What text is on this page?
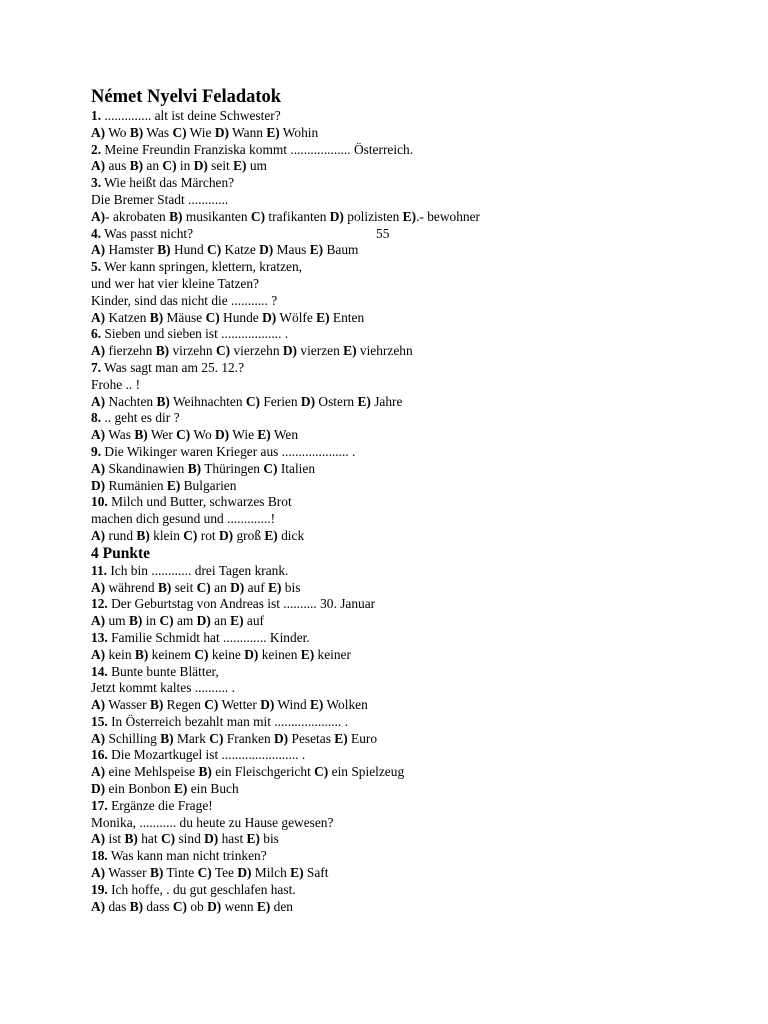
Német Nyelvi Feladatok
1. .............. alt ist deine Schwester?
A) Wo B) Was C) Wie D) Wann E) Wohin
2. Meine Freundin Franziska kommt .................. Österreich.
A) aus B) an C) in D) seit E) um
3. Wie heißt das Märchen?
Die Bremer Stadt ............
A)- akrobaten B) musikanten C) trafikanten D) polizisten E).- bewohner
4. Was passt nicht?	55
A) Hamster B) Hund C) Katze D) Maus E) Baum
5. Wer kann springen, klettern, kratzen,
und wer hat vier kleine Tatzen?
Kinder, sind das nicht die ........... ?
A) Katzen B) Mäuse C) Hunde D) Wölfe E) Enten
6. Sieben und sieben ist .................. .
A) fierzehn B) virzehn C) vierzehn D) vierzen E) viehrzehn
7. Was sagt man am 25. 12.?
Frohe .. !
A) Nachten B) Weihnachten C) Ferien D) Ostern E) Jahre
8. .. geht es dir ?
A) Was B) Wer C) Wo D) Wie E) Wen
9. Die Wikinger waren Krieger aus .................... .
A) Skandinawien B) Thüringen C) Italien
D) Rumänien E) Bulgarien
10. Milch und Butter, schwarzes Brot
machen dich gesund und .............!
A) rund B) klein C) rot D) groß E) dick
4 Punkte
11. Ich bin ............ drei Tagen krank.
A) während B) seit C) an D) auf E) bis
12. Der Geburtstag von Andreas ist .......... 30. Januar
A) um B) in C) am D) an E) auf
13. Familie Schmidt hat ............. Kinder.
A) kein B) keinem C) keine D) keinen E) keiner
14. Bunte bunte Blätter,
Jetzt kommt kaltes .......... .
A) Wasser B) Regen C) Wetter D) Wind E) Wolken
15. In Österreich bezahlt man mit .................... .
A) Schilling B) Mark C) Franken D) Pesetas E) Euro
16. Die Mozartkugel ist ....................... .
A) eine Mehlspeise B) ein Fleischgericht C) ein Spielzeug
D) ein Bonbon E) ein Buch
17. Ergänze die Frage!
Monika, ........... du heute zu Hause gewesen?
A) ist B) hat C) sind D) hast E) bis
18. Was kann man nicht trinken?
A) Wasser B) Tinte C) Tee D) Milch E) Saft
19. Ich hoffe, . du gut geschlafen hast.
A) das B) dass C) ob D) wenn E) den
